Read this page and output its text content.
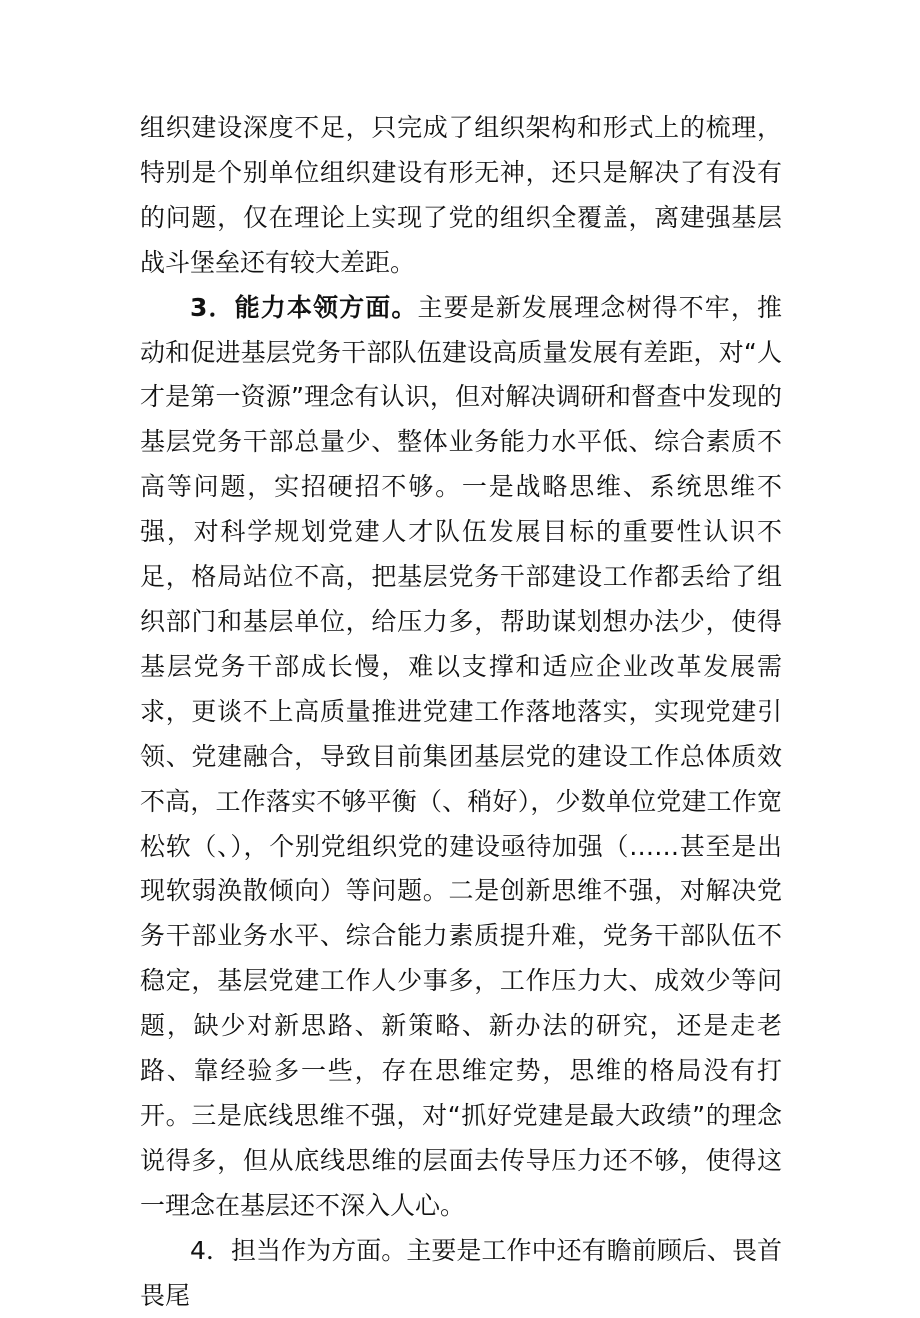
组织建设深度不足，只完成了组织架构和形式上的梳理，特别是个别单位组织建设有形无神，还只是解决了有没有的问题，仅在理论上实现了党的组织全覆盖，离建强基层战斗堡垒还有较大差距。

3．能力本领方面。主要是新发展理念树得不牢，推动和促进基层党务干部队伍建设高质量发展有差距，对“人才是第一资源”理念有认识，但对解决调研和督查中发现的基层党务干部总量少、整体业务能力水平低、综合素质不高等问题，实招硬招不够。一是战略思维、系统思维不强，对科学规划党建人才队伍发展目标的重要性认识不足，格局站位不高，把基层党务干部建设工作都丢给了组织部门和基层单位，给压力多，帮助谋划想办法少，使得基层党务干部成长慢，难以支撑和适应企业改革发展需求，更谈不上高质量推进党建工作落地落实，实现党建引领、党建融合，导致目前集团基层党的建设工作总体质效不高，工作落实不够平衡（、稍好），少数单位党建工作宽松软（、），个别党组织党的建设亟待加强（……甚至是出现软弱涣散倾向）等问题。二是创新思维不强，对解决党务干部业务水平、综合能力素质提升难，党务干部队伍不稳定，基层党建工作人少事多，工作压力大、成效少等问题，缺少对新思路、新策略、新办法的研究，还是走老路、靠经验多一些，存在思维定势，思维的格局没有打开。三是底线思维不强，对“抓好党建是最大政绩”的理念说得多，但从底线思维的层面去传导压力还不够，使得这一理念在基层还不深入人心。

4．担当作为方面。主要是工作中还有瞻前顾后、畏首畏尾
